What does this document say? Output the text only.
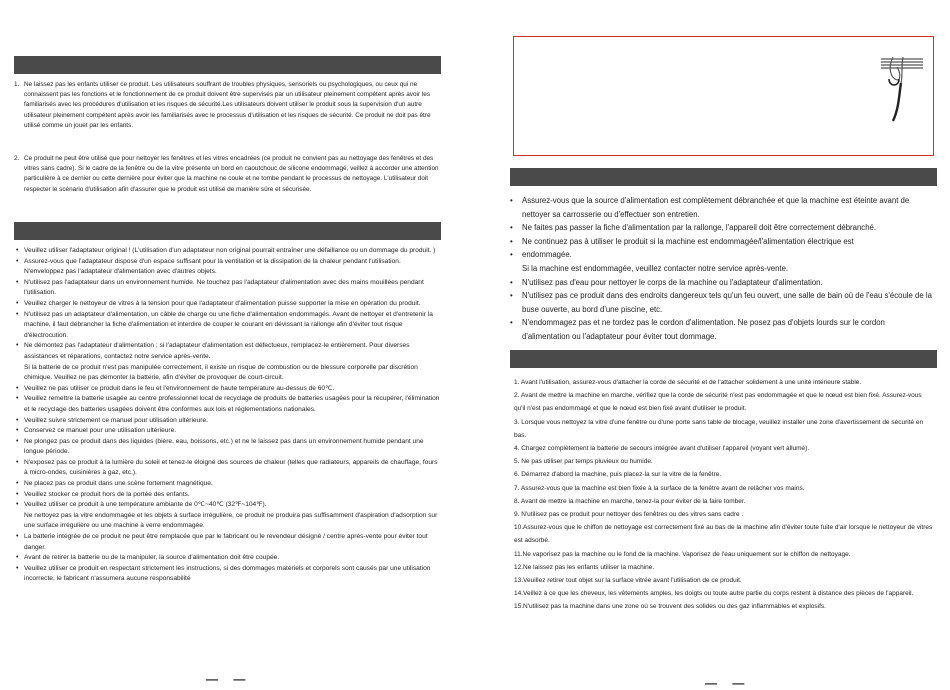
1. Ne laissez pas les enfants utiliser ce produit. Les utilisateurs souffrant de troubles physiques, sensoriels ou psychologiques, ou ceux qui ne connaissent pas les fonctions et le fonctionnement de ce produit doivent être supervisés par un utilisateur pleinement compétent après avoir les familiarisés avec les procédures d'utilisation et les risques de sécurité.Les utilisateurs doivent utiliser le produit sous la supervision d'un autre utilisateur pleinement compétent après avoir les familiarisés avec le processus d'utilisation et les risques de sécurité. Ce produit ne doit pas être utilisé comme un jouet par les enfants.
2. Ce produit ne peut être utilisé que pour nettoyer les fenêtres et les vitres encadrées (ce produit ne convient pas au nettoyage des fenêtres et des vitres sans cadre). Si le cadre de la fenêtre ou de la vitre présente un bord en caoutchouc de silicone endommagé, veillez à accorder une attention particulière à ce dernier ou cette dernière pour éviter que la machine ne coule et ne tombe pendant le processus de nettoyage. L'utilisateur doit respecter le scénario d'utilisation afin d'assurer que le produit est utilisé de manière sûre et sécurisée.
• Veuillez utiliser l'adaptateur original ! (L'utilisation d'un adaptateur non original pourrait entraîner une défaillance ou un dommage du produit. )
• Assurez-vous que l'adaptateur dispose d'un espace suffisant pour la ventilation et la dissipation de la chaleur pendant l'utilisation. N'enveloppez pas l'adaptateur d'alimentation avec d'autres objets.
• N'utilisez pas l'adaptateur dans un environnement humide. Ne touchez pas l'adaptateur d'alimentation avec des mains mouillées pendant l'utilisation.
• Veuillez charger le nettoyeur de vitres à la tension pour que l'adaptateur d'alimentation puisse supporter la mise en opération du produit.
• N'utilisez pas un adaptateur d'alimentation, un câble de charge ou une fiche d'alimentation endommagés. Avant de nettoyer et d'entretenir la machine, il faut débrancher la fiche d'alimentation et interdire de couper le courant en dévissant la rallonge afin d'éviter tout risque d'électrocution.
• Ne démontez pas l'adaptateur d'alimentation ; si l'adaptateur d'alimentation est défectueux, remplacez-le entièrement. Pour diverses assistances et réparations, contactez notre service après-vente.
Si la batterie de ce produit n'est pas manipulée correctement, il existe un risque de combustion ou de blessure corporelle par discrétion chimique. Veuillez ne pas démonter la batterie, afin d'éviter de provoquer de court-circuit.
• Veuillez ne pas utiliser ce produit dans le feu et l'environnement de haute température au-dessus de 60℃.
• Veuillez remettre la batterie usagée au centre professionnel local de recyclage de produits de batteries usagées pour la récupérer, l'élimination et le recyclage des batteries usagées doivent être conformes aux lois et réglementations nationales.
• Veuillez suivre strictement ce manuel pour utilisation ultérieure.
• Conservez ce manuel pour une utilisation ultérieure.
• Ne plongez pas ce produit dans des liquides (bière, eau, boissons, etc.) et ne le laissez pas dans un environnement humide pendant une longue période.
• N'exposez pas ce produit à la lumière du soleil et tenez-le éloigné des sources de chaleur (telles que radiateurs, appareils de chauffage, fours à micro-ondes, cuisinières à gaz, etc.).
• Ne placez pas ce produit dans une scène fortement magnétique.
• Veuillez stocker ce produit hors de la portée des enfants.
• Veuillez utiliser ce produit à une température ambiante de 0℃~40℃ (32℉~104℉).
Ne nettoyez pas la vitre endommagée et les objets à surface irrégulière, ce produit ne produira pas suffisamment d'aspiration d'adsorption sur une surface irrégulière ou une machine à verre endommagée.
• La batterie intégrée de ce produit ne peut être remplacée que par le fabricant ou le revendeur désigné / centre après-vente pour éviter tout danger.
• Avant de retirer la batterie ou de la manipuler, la source d'alimentation doit être coupée.
• Veuillez utiliser ce produit en respectant strictement les instructions, si des dommages matériels et corporels sont causés par une utilisation incorrecte, le fabricant n'assumera aucune responsabilité
— —
• Assurez-vous que la source d'alimentation est complètement débranchée et que la machine est éteinte avant de nettoyer sa carrosserie ou d'effectuer son entretien.
• Ne faites pas passer la fiche d'alimentation par la rallonge, l'appareil doit être correctement débranché.
• Ne continuez pas à utiliser le produit si la machine est endommagée/l'alimentation électrique est
• endommagée.
Si la machine est endommagée, veuillez contacter notre service après-vente.
• N'utilisez pas d'eau pour nettoyer le corps de la machine ou l'adaptateur d'alimentation.
• N'utilisez pas ce produit dans des endroits dangereux tels qu'un feu ouvert, une salle de bain où de l'eau s'écoule de la buse ouverte, au bord d'une piscine, etc.
• N'endommagez pas et ne tordez pas le cordon d'alimentation. Ne posez pas d'objets lourds sur le cordon d'alimentation ou l'adaptateur pour éviter tout dommage.
1. Avant l'utilisation, assurez-vous d'attacher la corde de sécurité et de l'attacher solidement à une unité intérieure stable.
2. Avant de mettre la machine en marche, vérifiez que la corde de sécurité n'est pas endommagée et que le nœud est bien fixé. Assurez-vous qu'il n'est pas endommagé et que le nœud est bien fixé avant d'utiliser le produit.
3. Lorsque vous nettoyez la vitre d'une fenêtre ou d'une porte sans table de blocage, veuillez installer une zone d'avertissement de sécurité en bas.
4. Chargez complètement la batterie de secours intégrée avant d'utiliser l'appareil (voyant vert allumé).
5. Ne pas utiliser par temps pluvieux ou humide.
6. Démarrez d'abord la machine, puis placez-la sur la vitre de la fenêtre.
7. Assurez-vous que la machine est bien fixée à la surface de la fenêtre avant de relâcher vos mains.
8. Avant de mettre la machine en marche, tenez-la pour éviter de la faire tomber.
9. N'utilisez pas ce produit pour nettoyer des fenêtres ou des vitres sans cadre .
10.Assurez-vous que le chiffon de nettoyage est correctement fixé au bas de la machine afin d'éviter toute fuite d'air lorsque le nettoyeur de vitres est adsorbé.
11.Ne vaporisez pas la machine ou le fond de la machine. Vaporisez de l'eau uniquement sur le chiffon de nettoyage.
12.Ne laissez pas les enfants utiliser la machine.
13.Veuillez retirer tout objet sur la surface vitrée avant l'utilisation de ce produit.
14.Veillez à ce que les cheveux, les vêtements amples, les doigts ou toute autre partie du corps restent à distance des pièces de l'appareil.
15.N'utilisez pas la machine dans une zone où se trouvent des solides ou des gaz inflammables et explosifs.
— —
